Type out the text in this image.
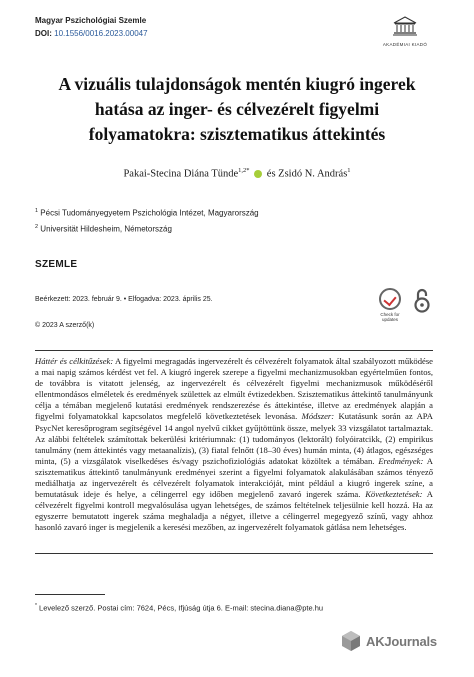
Magyar Pszichológiai Szemle
DOI: 10.1556/0016.2023.00047
AKADÉMIAI KIADÓ
A vizuális tulajdonságok mentén kiugró ingerek hatása az inger- és célvezérelt figyelmi folyamatokra: szisztematikus áttekintés
Pakai-Stecina Diána Tünde$^{1,2*}$ és Zsidó N. András$^1$
$^1$ Pécsi Tudományegyetem Pszichológia Intézet, Magyarország
$^2$ Universität Hildesheim, Németország
SZEMLE
Beérkezett: 2023. február 9. • Elfogadva: 2023. április 25.
© 2023 A szerző(k)
Check for updates

Háttér és célkitűzések: A figyelmi megragadás ingervezérelt és célvezérelt folyamatok által szabályozott működése a mai napig számos kérdést vet fel. A kiugró ingerek szerepe a figyelmi mechanizmusokban egyértelműen fontos, de továbbra is vitatott jelenség, az ingervezérelt és célvezérelt figyelmi mechanizmusok működéséről ellentmondásos elméletek és eredmények születtek az elmúlt évtizedekben. Szisztematikus áttekintő tanulmányunk célja a témában megjelenő kutatási eredmények rendszerezése és áttekintése, illetve az eredmények alapján a figyelmi folyamatokkal kapcsolatos megfelelő következtetések levonása. Módszer: Kutatásunk során az APA PsycNet keresőprogram segítségével 14 angol nyelvű cikket gyűjtöttünk össze, melyek 33 vizsgálatot tartalmaztak. Az alábbi feltételek számítottak bekerülési kritériumnak: (1) tudományos (lektorált) folyóiratcikk, (2) empirikus tanulmány (nem áttekintés vagy metaanalízis), (3) fiatal felnőtt (18–30 éves) humán minta, (4) átlagos, egészséges minta, (5) a vizsgálatok viselkedéses és/vagy pszichofiziológiás adatokat közöltek a témában. Eredmények: A szisztematikus áttekintő tanulmányunk eredményei szerint a figyelmi folyamatok alakulásában számos tényező mediálhatja az ingervezérelt és célvezérelt folyamatok interakcióját, mint például a kiugró ingerek színe, a bemutatásuk ideje és helye, a célingerrel egy időben megjelenő zavaró ingerek száma. Következtetések: A célvezérelt figyelmi kontroll megvalósulása ugyan lehetséges, de számos feltételnek teljesülnie kell hozzá. Ha az egyszerre bemutatott ingerek száma meghaladja a négyet, illetve a célingerrel megegyező színű, vagy ahhoz hasonló zavaró inger is megjelenik a keresési mezőben, az ingervezérelt folyamatok gátlása nem lehetséges.

* Levelező szerző. Postai cím: 7624, Pécs, Ifjúság útja 6. E-mail: stecina.diana@pte.hu
AKJournals
